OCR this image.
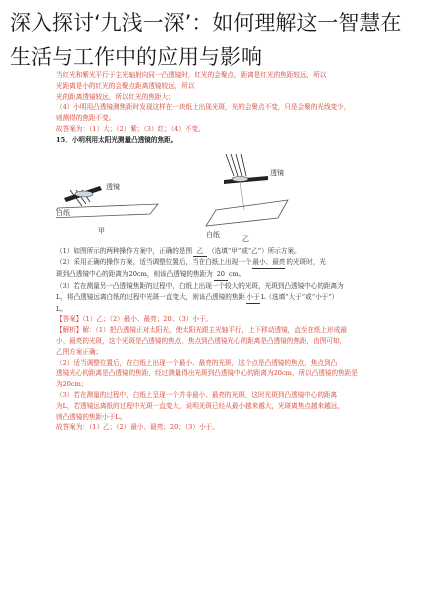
深入探讨‘九浅一深’：如何理解这一智慧在生活与工作中的应用与影响
当红光和紫光平行于主光轴射向同一凸透镜时，红光的会聚点，距离是红光的焦距较远，所以
光距离是小的红光的会聚点距离透镜较远，所以
光的距离透镜较远，所以红光的焦距大；
（4）小明用凸透镜测焦距时发现这样在一块纸上出现光斑，光的会聚点不变，只是会聚的光线变少，
则测得的焦距不变。
故答案为：（1）大；（2）紫；（3）红；（4）不变。
15．小明利用太阳光测量凸透镜的焦距。
透镜
白纸
甲
透镜
白纸	乙
（1）如图所示的两种操作方案中，正确的是图 乙 （选填“甲”或“乙”）所示方案。
（2）采用正确的操作方案，适当调整位置后，当在白纸上出现一个最小、最亮的光斑时，光
斑到凸透镜中心的距离为20cm，则该凸透镜的焦距为 20 cm。
（3）若在测量另一凸透镜焦距的过程中，白纸上出现一个较大的光斑，光斑到凸透镜中心的距离为
L，将凸透镜远离白纸的过程中光斑一直变大，则该凸透镜的焦距小于L（选填“大于”或“小于”）
L。
【答案】（1）乙；（2）最小、最亮；20；（3）小于。
【解析】解：（1）把凸透镜正对太阳光，使太阳光跟主光轴平行，上下移动透镜，直至在纸上形成最
小、最亮的光斑，这个光斑是凸透镜的焦点，焦点到凸透镜光心的距离是凸透镜的焦距，由图可知，
乙图方案正确；
（2）适当调整位置后，在白纸上出现一个最小、最亮的光斑，这个点是凸透镜的焦点，焦点到凸
透镜光心的距离是凸透镜的焦距，经过测量得出光斑到凸透镜中心的距离为20cm，所以凸透镜的焦距是
为20cm；
（3）若在测量的过程中，白纸上呈现一个并非最小、最亮的光斑，这时光斑到凸透镜中心的距离
为L，若透镜远离纸的过程中光斑一直变大，说明光斑已经从最小越来越大，光斑离焦点越来越远，
则凸透镜的焦距小于L。
故答案为：（1）乙；（2）最小、最亮；20；（3）小于。
